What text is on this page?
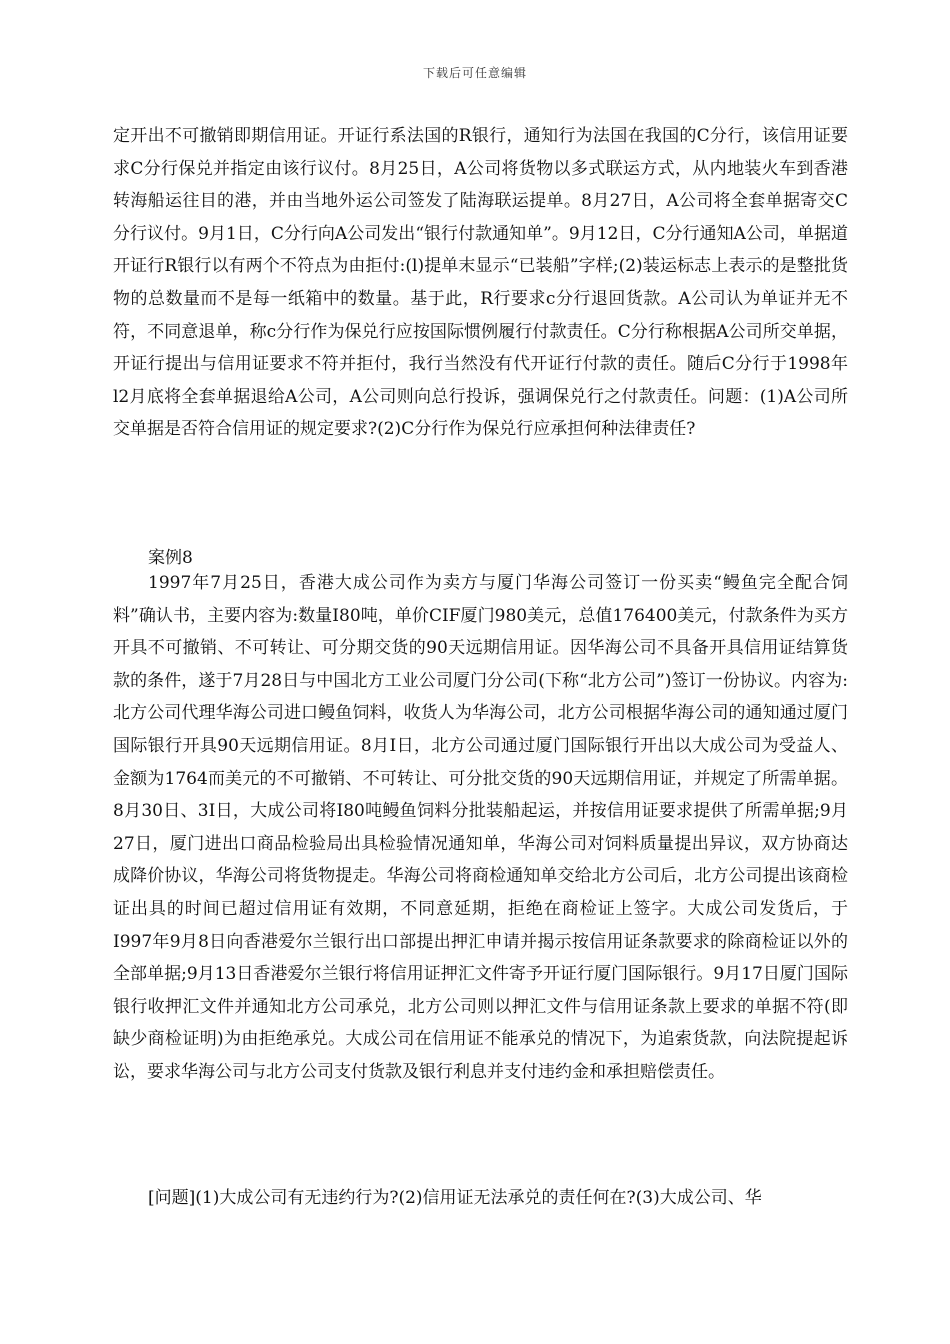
下载后可任意编辑

定开出不可撤销即期信用证。开证行系法国的R银行，通知行为法国在我国的C分行，该信用证要求C分行保兑并指定由该行议付。8月25日，A公司将货物以多式联运方式，从内地装火车到香港转海船运往目的港，并由当地外运公司签发了陆海联运提单。8月27日，A公司将全套单据寄交C分行议付。9月1日，C分行向A公司发出“银行付款通知单”。9月12日，C分行通知A公司，单据道开证行R银行以有两个不符点为由拒付:(l)提单末显示“已装船”字样;(2)装运标志上表示的是整批货物的总数量而不是每一纸箱中的数量。基于此，R行要求c分行退回货款。A公司认为单证并无不符，不同意退单，称c分行作为保兑行应按国际惯例履行付款责任。C分行称根据A公司所交单据，开证行提出与信用证要求不符并拒付，我行当然没有代开证行付款的责任。随后C分行于1998年l2月底将全套单据退给A公司，A公司则向总行投诉，强调保兑行之付款责任。问题：(1)A公司所交单据是否符合信用证的规定要求?(2)C分行作为保兑行应承担何种法律责任?

案例8

1997年7月25日，香港大成公司作为卖方与厦门华海公司签订一份买卖“鳗鱼完全配合饲料”确认书，主要内容为:数量I80吨，单价CIF厦门980美元，总值176400美元，付款条件为买方开具不可撤销、不可转让、可分期交货的90天远期信用证。因华海公司不具备开具信用证结算货款的条件，遂于7月28日与中国北方工业公司厦门分公司(下称“北方公司”)签订一份协议。内容为:北方公司代理华海公司进口鳗鱼饲料，收货人为华海公司，北方公司根据华海公司的通知通过厦门国际银行开具90天远期信用证。8月I日，北方公司通过厦门国际银行开出以大成公司为受益人、金额为1764而美元的不可撤销、不可转让、可分批交货的90天远期信用证，并规定了所需单据。8月30日、3I日，大成公司将I80吨鳗鱼饲料分批装船起运，并按信用证要求提供了所需单据;9月27日，厦门进出口商品检验局出具检验情况通知单，华海公司对饲料质量提出异议，双方协商达成降价协议，华海公司将货物提走。华海公司将商检通知单交给北方公司后，北方公司提出该商检证出具的时间已超过信用证有效期，不同意延期，拒绝在商检证上签字。大成公司发货后，于I997年9月8日向香港爱尔兰银行出口部提出押汇申请并揭示按信用证条款要求的除商检证以外的全部单据;9月13日香港爱尔兰银行将信用证押汇文件寄予开证行厦门国际银行。9月17日厦门国际银行收押汇文件并通知北方公司承兑，北方公司则以押汇文件与信用证条款上要求的单据不符(即缺少商检证明)为由拒绝承兑。大成公司在信用证不能承兑的情况下，为追索货款，向法院提起诉讼，要求华海公司与北方公司支付货款及银行利息并支付违约金和承担赔偿责任。

[问题](1)大成公司有无违约行为?(2)信用证无法承兑的责任何在?(3)大成公司、华
